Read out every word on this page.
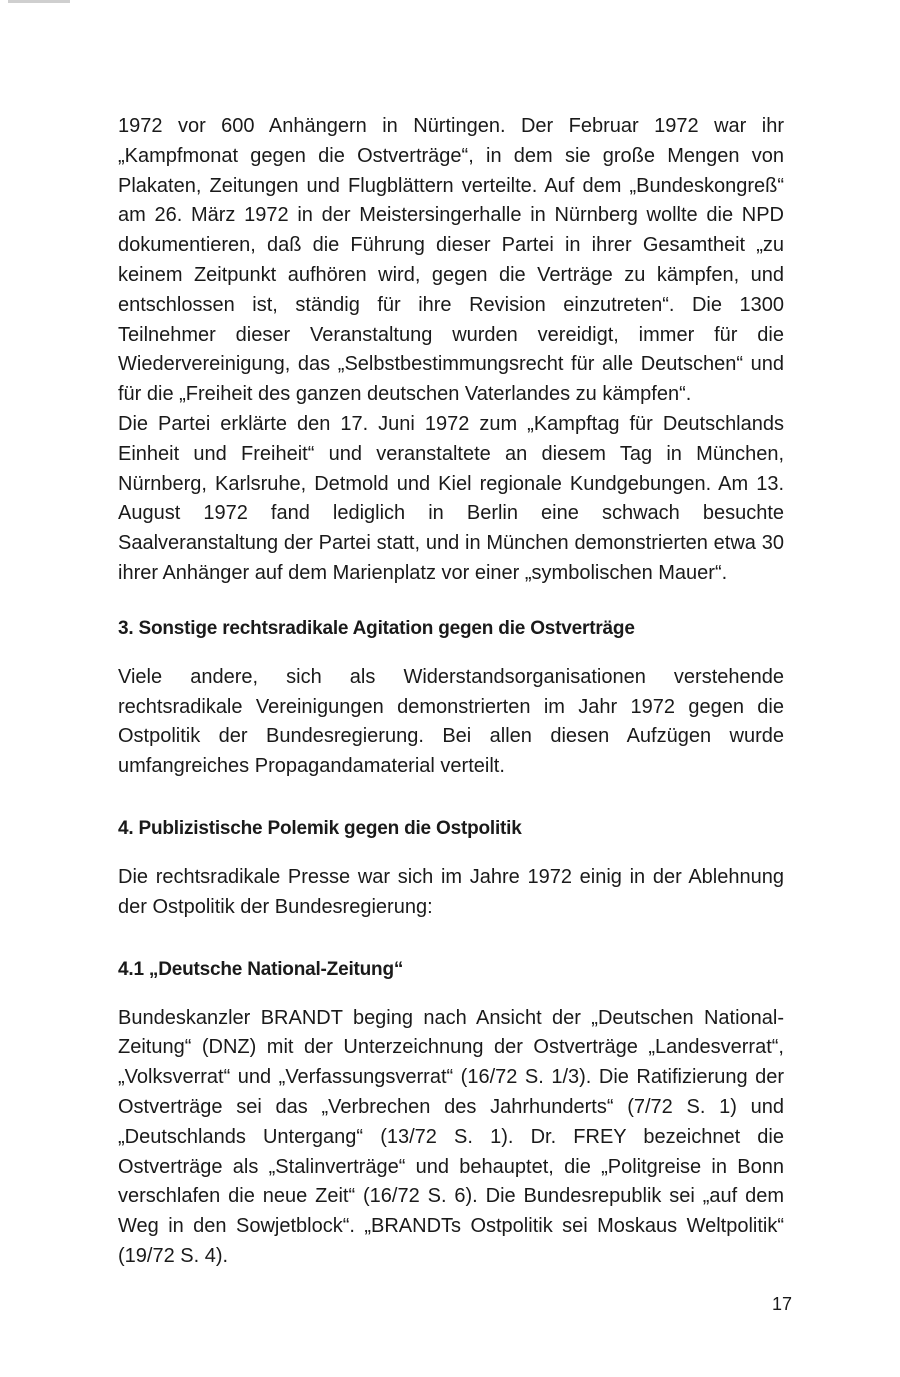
1972 vor 600 Anhängern in Nürtingen. Der Februar 1972 war ihr „Kampfmonat gegen die Ostverträge“, in dem sie große Mengen von Plakaten, Zeitungen und Flugblättern verteilte. Auf dem „Bundeskongreß“ am 26. März 1972 in der Meistersingerhalle in Nürnberg wollte die NPD dokumentieren, daß die Führung dieser Partei in ihrer Gesamtheit „zu keinem Zeitpunkt aufhören wird, gegen die Verträge zu kämpfen, und entschlossen ist, ständig für ihre Revision einzutreten“. Die 1300 Teilnehmer dieser Veranstaltung wurden vereidigt, immer für die Wiedervereinigung, das „Selbstbestimmungsrecht für alle Deutschen“ und für die „Freiheit des ganzen deutschen Vaterlandes zu kämpfen“.

Die Partei erklärte den 17. Juni 1972 zum „Kampftag für Deutschlands Einheit und Freiheit“ und veranstaltete an diesem Tag in München, Nürnberg, Karlsruhe, Detmold und Kiel regionale Kundgebungen. Am 13. August 1972 fand lediglich in Berlin eine schwach besuchte Saalveranstaltung der Partei statt, und in München demonstrierten etwa 30 ihrer Anhänger auf dem Marienplatz vor einer „symbolischen Mauer“.

3. Sonstige rechtsradikale Agitation gegen die Ostverträge

Viele andere, sich als Widerstandsorganisationen verstehende rechtsradikale Vereinigungen demonstrierten im Jahr 1972 gegen die Ostpolitik der Bundesregierung. Bei allen diesen Aufzügen wurde umfangreiches Propagandamaterial verteilt.

4. Publizistische Polemik gegen die Ostpolitik

Die rechtsradikale Presse war sich im Jahre 1972 einig in der Ablehnung der Ostpolitik der Bundesregierung:

4.1 „Deutsche National-Zeitung“

Bundeskanzler BRANDT beging nach Ansicht der „Deutschen National-Zeitung“ (DNZ) mit der Unterzeichnung der Ostverträge „Landesverrat“, „Volksverrat“ und „Verfassungsverrat“ (16/72 S. 1/3). Die Ratifizierung der Ostverträge sei das „Verbrechen des Jahrhunderts“ (7/72 S. 1) und „Deutschlands Untergang“ (13/72 S. 1). Dr. FREY bezeichnet die Ostverträge als „Stalinverträge“ und behauptet, die „Politgreise in Bonn verschlafen die neue Zeit“ (16/72 S. 6). Die Bundesrepublik sei „auf dem Weg in den Sowjetblock“. „BRANDTs Ostpolitik sei Moskaus Weltpolitik“ (19/72 S. 4).

17
